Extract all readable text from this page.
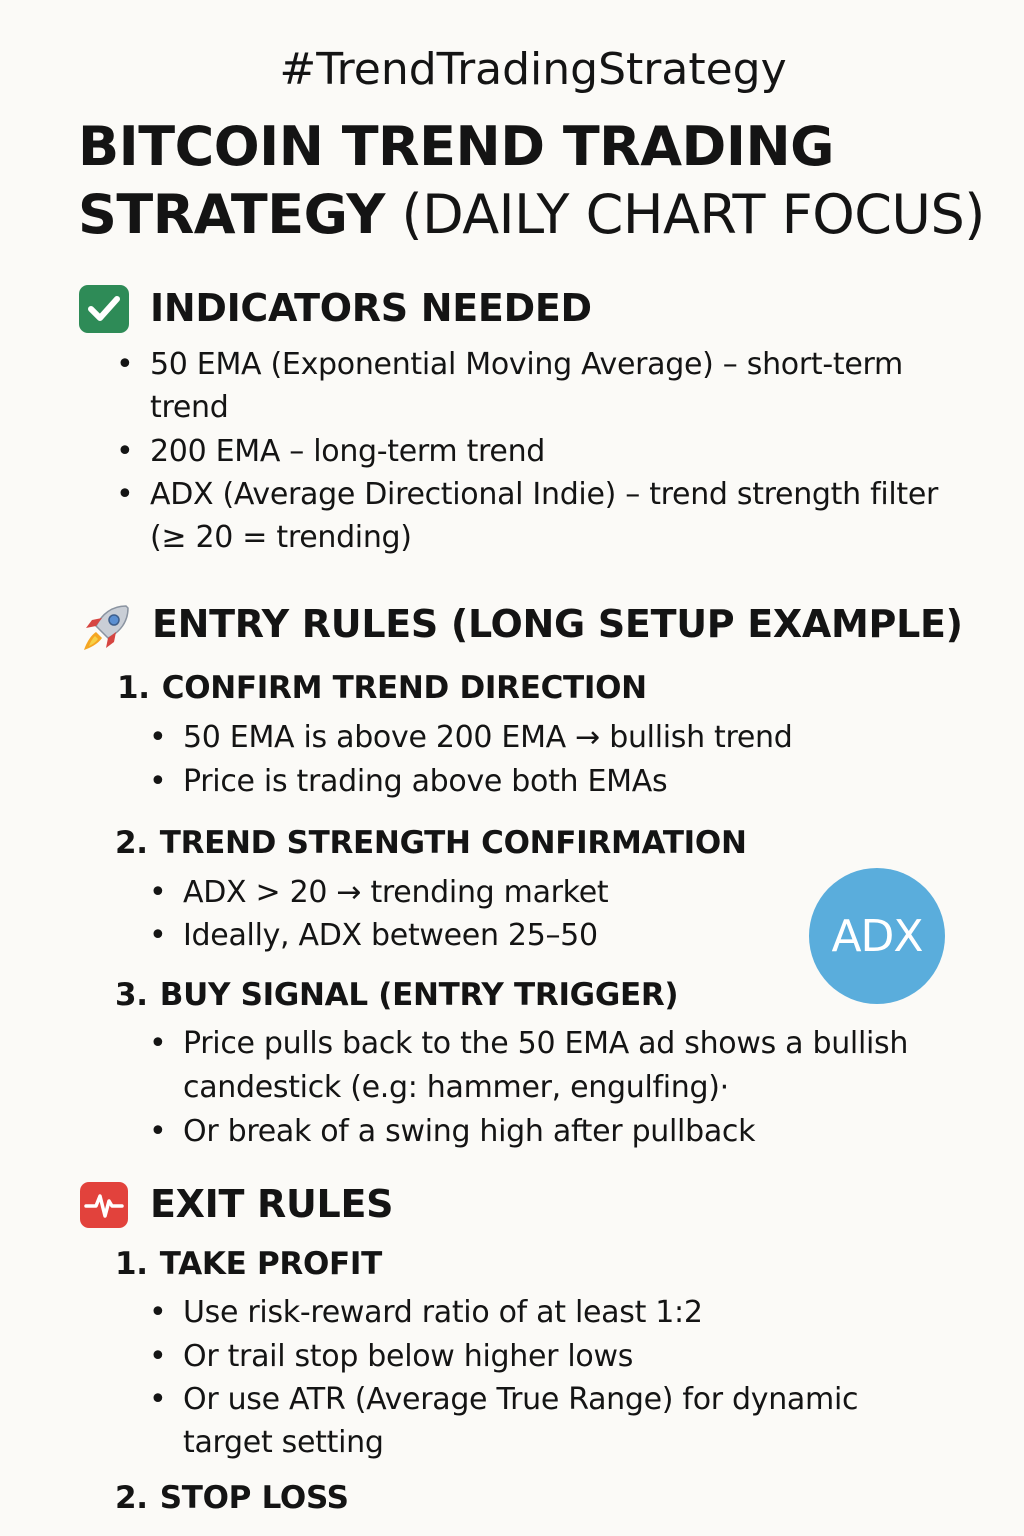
#TrendTradingStrategy
BITCOIN TREND TRADING
STRATEGY (DAILY CHART FOCUS)
INDICATORS NEEDED
• 50 EMA (Exponential Moving Average) – short-term
trend
• 200 EMA – long-term trend
• ADX (Average Directional Indie) – trend strength filter
(≥ 20 = trending)
ENTRY RULES (LONG SETUP EXAMPLE)
1. CONFIRM TREND DIRECTION
• 50 EMA is above 200 EMA → bullish trend
• Price is trading above both EMAs
2. TREND STRENGTH CONFIRMATION
• ADX > 20 → trending market
• Ideally, ADX between 25–50	ADX
3. BUY SIGNAL (ENTRY TRIGGER)
• Price pulls back to the 50 EMA ad shows a bullish
candestick (e.g: hammer, engulfing)·
• Or break of a swing high after pullback
EXIT RULES
1. TAKE PROFIT
• Use risk-reward ratio of at least 1:2
• Or trail stop below higher lows
• Or use ATR (Average True Range) for dynamic
target setting
2. STOP LOSS
